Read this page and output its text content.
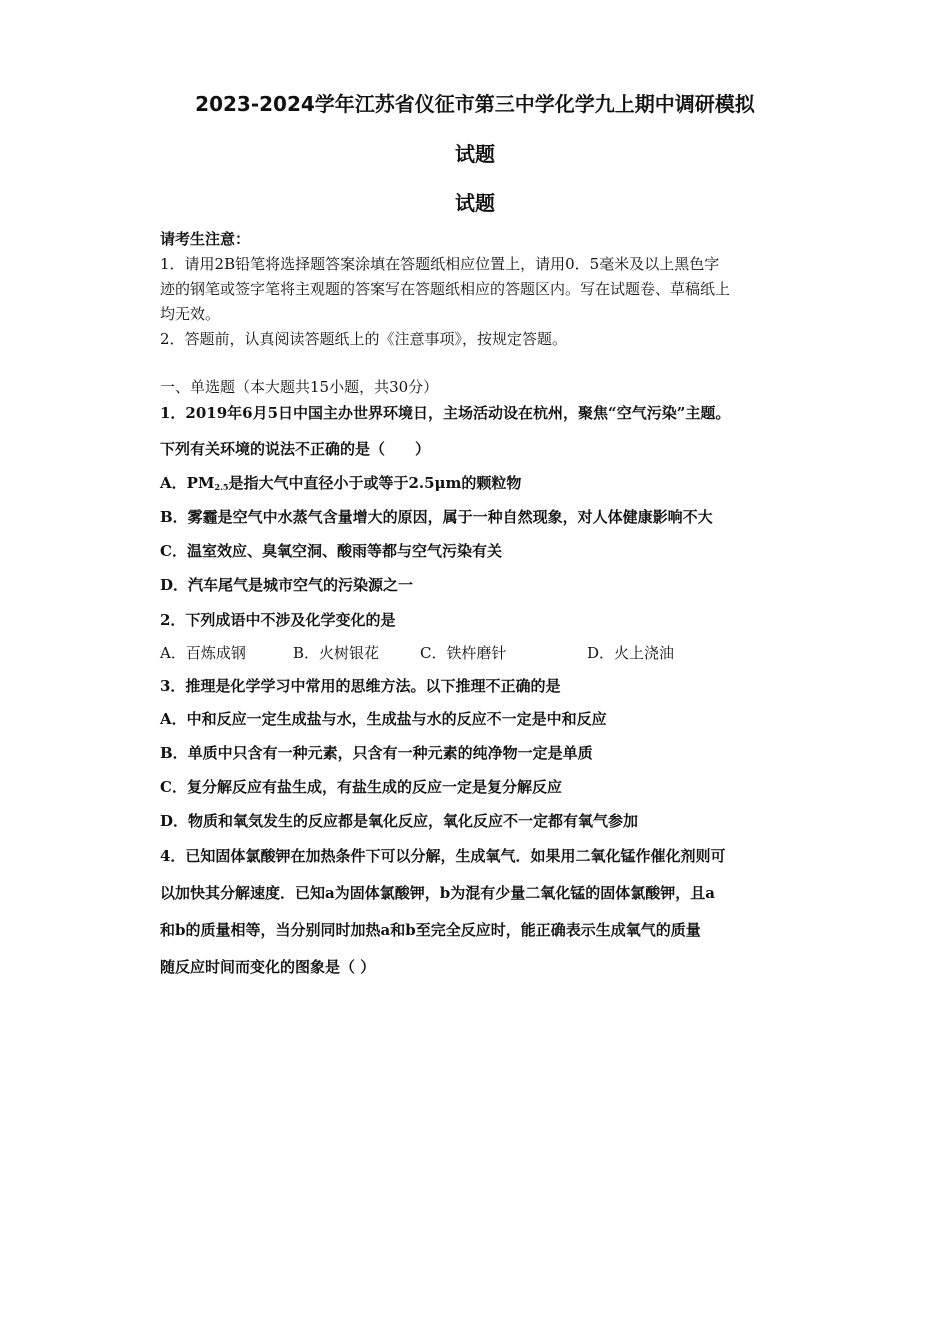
2023-2024学年江苏省仪征市第三中学化学九上期中调研模拟
试题
试题
请考生注意：
1．请用2B铅笔将选择题答案涂填在答题纸相应位置上，请用0．5毫米及以上黑色字
迹的钢笔或签字笔将主观题的答案写在答题纸相应的答题区内。写在试题卷、草稿纸上
均无效。
2．答题前，认真阅读答题纸上的《注意事项》，按规定答题。
一、单选题（本大题共15小题，共30分）
1．2019年6月5日中国主办世界环境日，主场活动设在杭州，聚焦“空气污染”主题。
下列有关环境的说法不正确的是（　　）
A．$PM_{2.5}$是指大气中直径小于或等于2.5μm的颗粒物
B．雾霾是空气中水蒸气含量增大的原因，属于一种自然现象，对人体健康影响不大
C．温室效应、臭氧空洞、酸雨等都与空气污染有关
D．汽车尾气是城市空气的污染源之一
2．下列成语中不涉及化学变化的是
A．百炼成钢	B．火树银花	C．铁杵磨针	D．火上浇油
3．推理是化学学习中常用的思维方法。以下推理不正确的是
A．中和反应一定生成盐与水，生成盐与水的反应不一定是中和反应
B．单质中只含有一种元素，只含有一种元素的纯净物一定是单质
C．复分解反应有盐生成，有盐生成的反应一定是复分解反应
D．物质和氧気发生的反应都是氧化反应，氧化反应不一定都有氧气参加
4．已知固体氯酸钾在加热条件下可以分解，生成氧气．如果用二氧化锰作催化剂则可
以加快其分解速度．已知a为固体氯酸钾，b为混有少量二氧化锰的固体氯酸钾，且a
和b的质量相等，当分别同时加热a和b至完全反应时，能正确表示生成氧气的质量
随反应时间而变化的图象是（ ）
